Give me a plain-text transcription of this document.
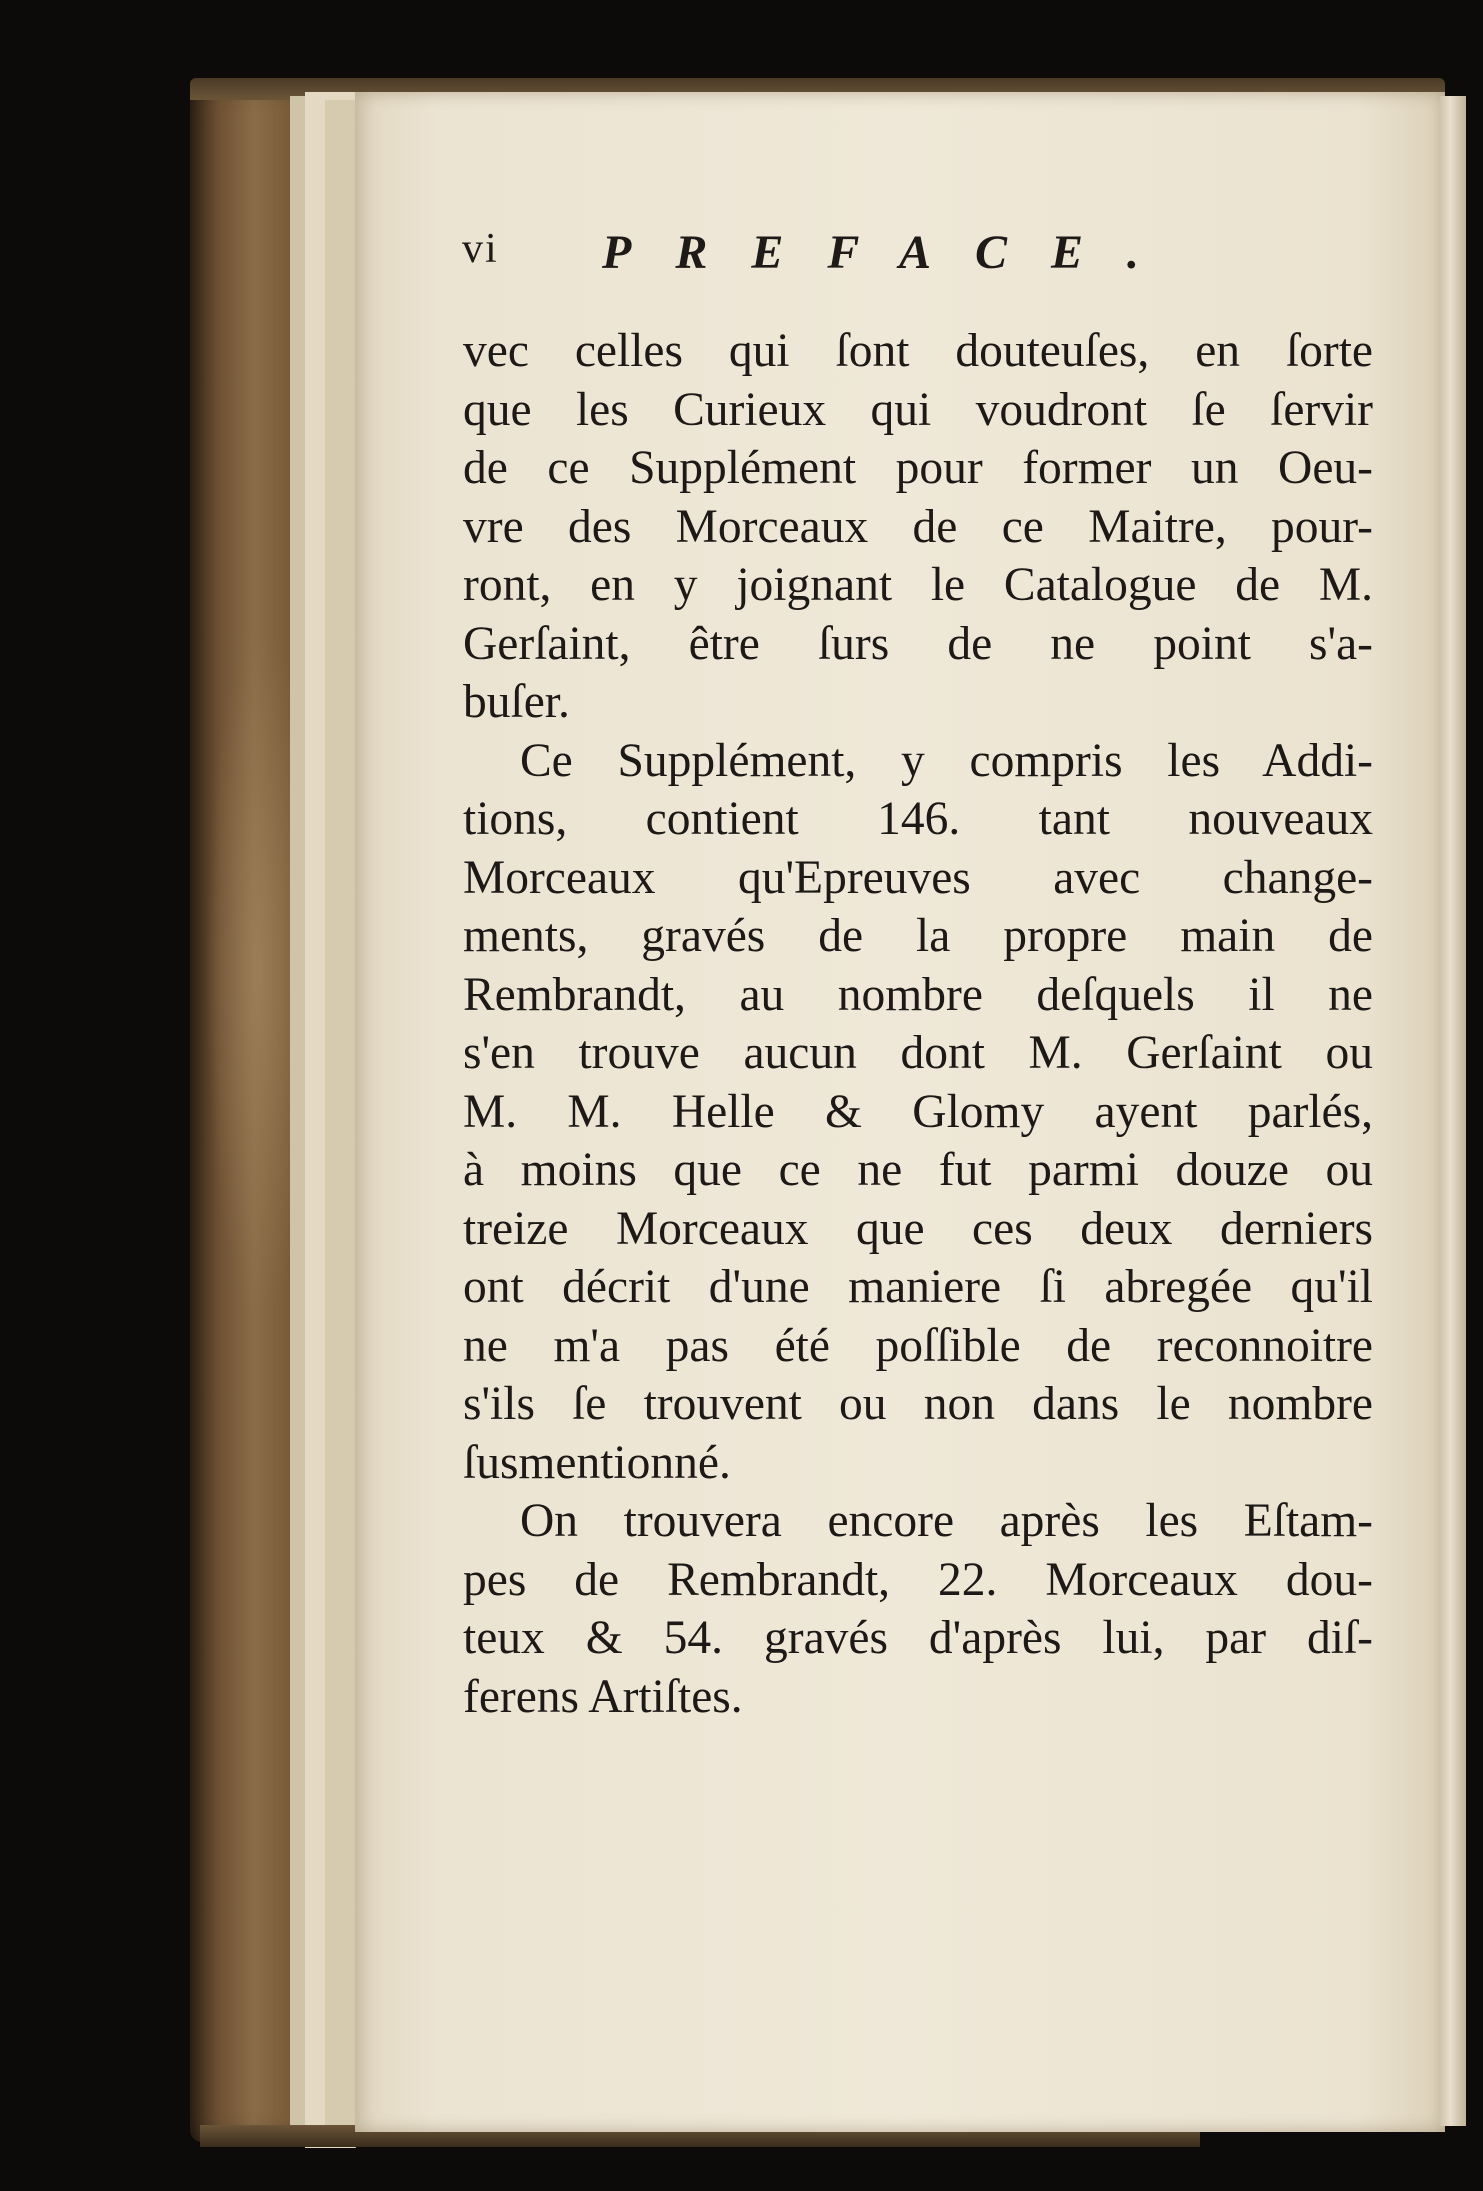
vi PREFACE.
vec celles qui ſont douteuſes, en ſorte
que les Curieux qui voudront ſe ſervir
de ce Supplément pour former un Oeu-
vre des Morceaux de ce Maitre, pour-
ront, en y joignant le Catalogue de M.
Gerſaint, être ſurs de ne point s'a-
buſer.
Ce Supplément, y compris les Addi-
tions, contient 146. tant nouveaux
Morceaux qu'Epreuves avec change-
ments, gravés de la propre main de
Rembrandt, au nombre deſquels il ne
s'en trouve aucun dont M. Gerſaint ou
M. M. Helle & Glomy ayent parlés,
à moins que ce ne fut parmi douze ou
treize Morceaux que ces deux derniers
ont décrit d'une maniere ſi abregée qu'il
ne m'a pas été poſſible de reconnoitre
s'ils ſe trouvent ou non dans le nombre
ſusmentionné.
On trouvera encore après les Eſtam-
pes de Rembrandt, 22. Morceaux dou-
teux & 54. gravés d'après lui, par diſ-
ferens Artiſtes.
